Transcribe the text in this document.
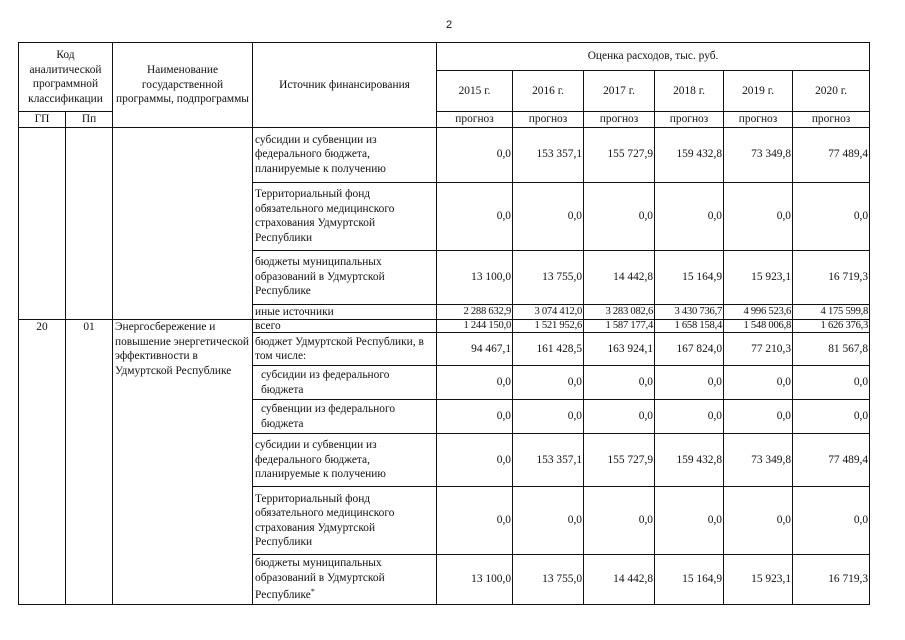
2
Код аналитической программной классификации		Наименование государственной программы, подпрограммы	Источник финансирования	Оценка расходов, тыс. руб.					
				2015 г.	2016 г.	2017 г.	2018 г.	2019 г.	2020 г.
ГП	Пп			прогноз	прогноз	прогноз	прогноз	прогноз	прогноз
			субсидии и субвенции из федерального бюджета, планируемые к получению	0,0	153 357,1	155 727,9	159 432,8	73 349,8	77 489,4
			Территориальный фонд обязательного медицинского страхования Удмуртской Республики	0,0	0,0	0,0	0,0	0,0	0,0
			бюджеты муниципальных образований в Удмуртской Республике	13 100,0	13 755,0	14 442,8	15 164,9	15 923,1	16 719,3
			иные источники	2 288 632,9	3 074 412,0	3 283 082,6	3 430 736,7	4 996 523,6	4 175 599,8
20	01	Энергосбережение и повышение энергетической эффективности в Удмуртской Республике	всего	1 244 150,0	1 521 952,6	1 587 177,4	1 658 158,4	1 548 006,8	1 626 376,3
			бюджет Удмуртской Республики, в том числе:	94 467,1	161 428,5	163 924,1	167 824,0	77 210,3	81 567,8
			субсидии из федерального бюджета	0,0	0,0	0,0	0,0	0,0	0,0
			субвенции из федерального бюджета	0,0	0,0	0,0	0,0	0,0	0,0
			субсидии и субвенции из федерального бюджета, планируемые к получению	0,0	153 357,1	155 727,9	159 432,8	73 349,8	77 489,4
			Территориальный фонд обязательного медицинского страхования Удмуртской Республики	0,0	0,0	0,0	0,0	0,0	0,0
			бюджеты муниципальных образований в Удмуртской Республике*	13 100,0	13 755,0	14 442,8	15 164,9	15 923,1	16 719,3
